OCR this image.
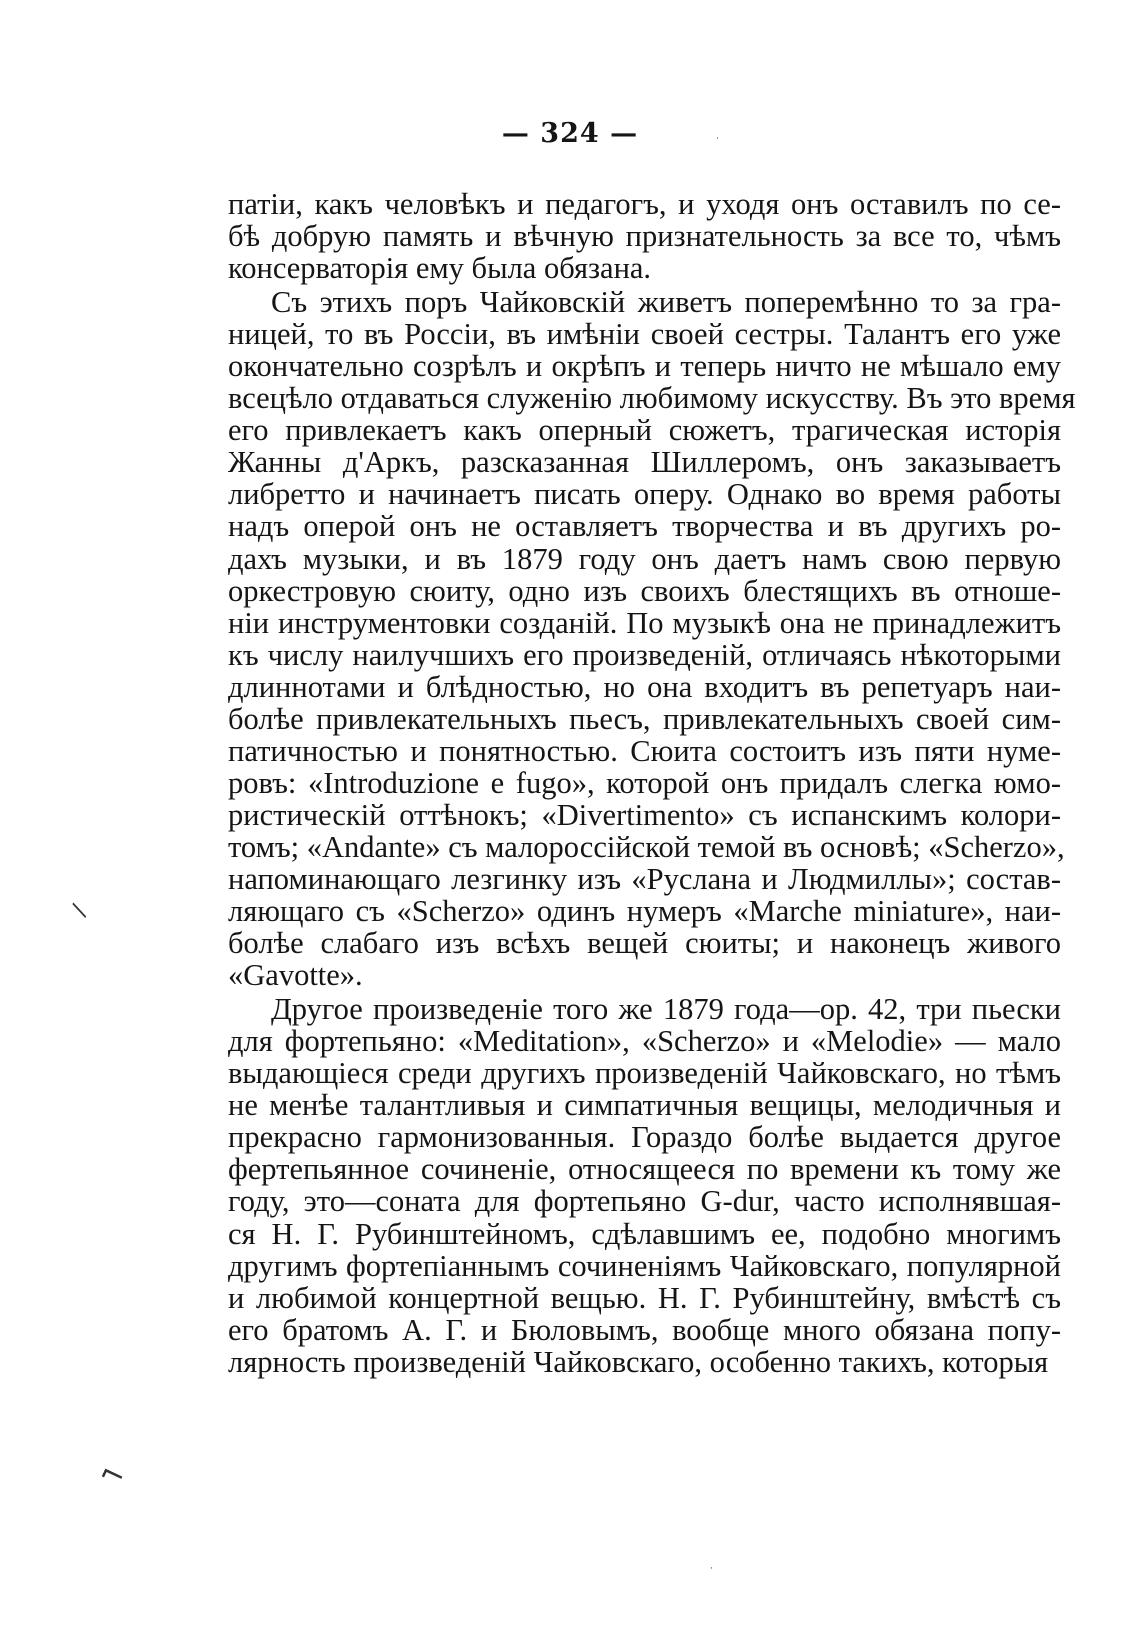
— 324 —
патіи, какъ человѣкъ и педагогъ, и уходя онъ оставилъ по се-
бѣ добрую память и вѣчную признательность за все то, чѣмъ
консерваторія ему была обязана.
Съ этихъ поръ Чайковскій живетъ поперемѣнно то за гра-
ницей, то въ Россіи, въ имѣніи своей сестры. Талантъ его уже
окончательно созрѣлъ и окрѣпъ и теперь ничто не мѣшало ему
всецѣло отдаваться служенію любимому искусству. Въ это время
его привлекаетъ какъ оперный сюжетъ, трагическая исторія
Жанны д'Аркъ, разсказанная Шиллеромъ, онъ заказываетъ
либретто и начинаетъ писать оперу. Однако во время работы
надъ оперой онъ не оставляетъ творчества и въ другихъ ро-
дахъ музыки, и въ 1879 году онъ даетъ намъ свою первую
оркестровую сюиту, одно изъ своихъ блестящихъ въ отноше-
ніи инструментовки созданій. По музыкѣ она не принадлежитъ
къ числу наилучшихъ его произведеній, отличаясь нѣкоторыми
длиннотами и блѣдностью, но она входитъ въ репетуаръ наи-
болѣе привлекательныхъ пьесъ, привлекательныхъ своей сим-
патичностью и понятностью. Сюита состоитъ изъ пяти нуме-
ровъ: «Introduzione e fugo», которой онъ придалъ слегка юмо-
ристическій оттѣнокъ; «Divertimento» съ испанскимъ колори-
томъ; «Andante» съ малороссійской темой въ основѣ; «Scherzo»,
напоминающаго лезгинку изъ «Руслана и Людмиллы»; состав-
ляющаго съ «Scherzo» одинъ нумеръ «Marche miniature», наи-
болѣе слабаго изъ всѣхъ вещей сюиты; и наконецъ живого
«Gavotte».
Другое произведеніе того же 1879 года—ор. 42, три пьески
для фортепьяно: «Meditation», «Scherzo» и «Melodie» — мало
выдающіеся среди другихъ произведеній Чайковскаго, но тѣмъ
не менѣе талантливыя и симпатичныя вещицы, мелодичныя и
прекрасно гармонизованныя. Гораздо болѣе выдается другое
фертепьянное сочиненіе, относящееся по времени къ тому же
году, это—соната для фортепьяно G-dur, часто исполнявшая-
ся Н. Г. Рубинштейномъ, сдѣлавшимъ ее, подобно многимъ
другимъ фортепіаннымъ сочиненіямъ Чайковскаго, популярной
и любимой концертной вещью. Н. Г. Рубинштейну, вмѣстѣ съ
его братомъ А. Г. и Бюловымъ, вообще много обязана попу-
лярность произведеній Чайковскаго, особенно такихъ, которыя
/
⌐
·
·
